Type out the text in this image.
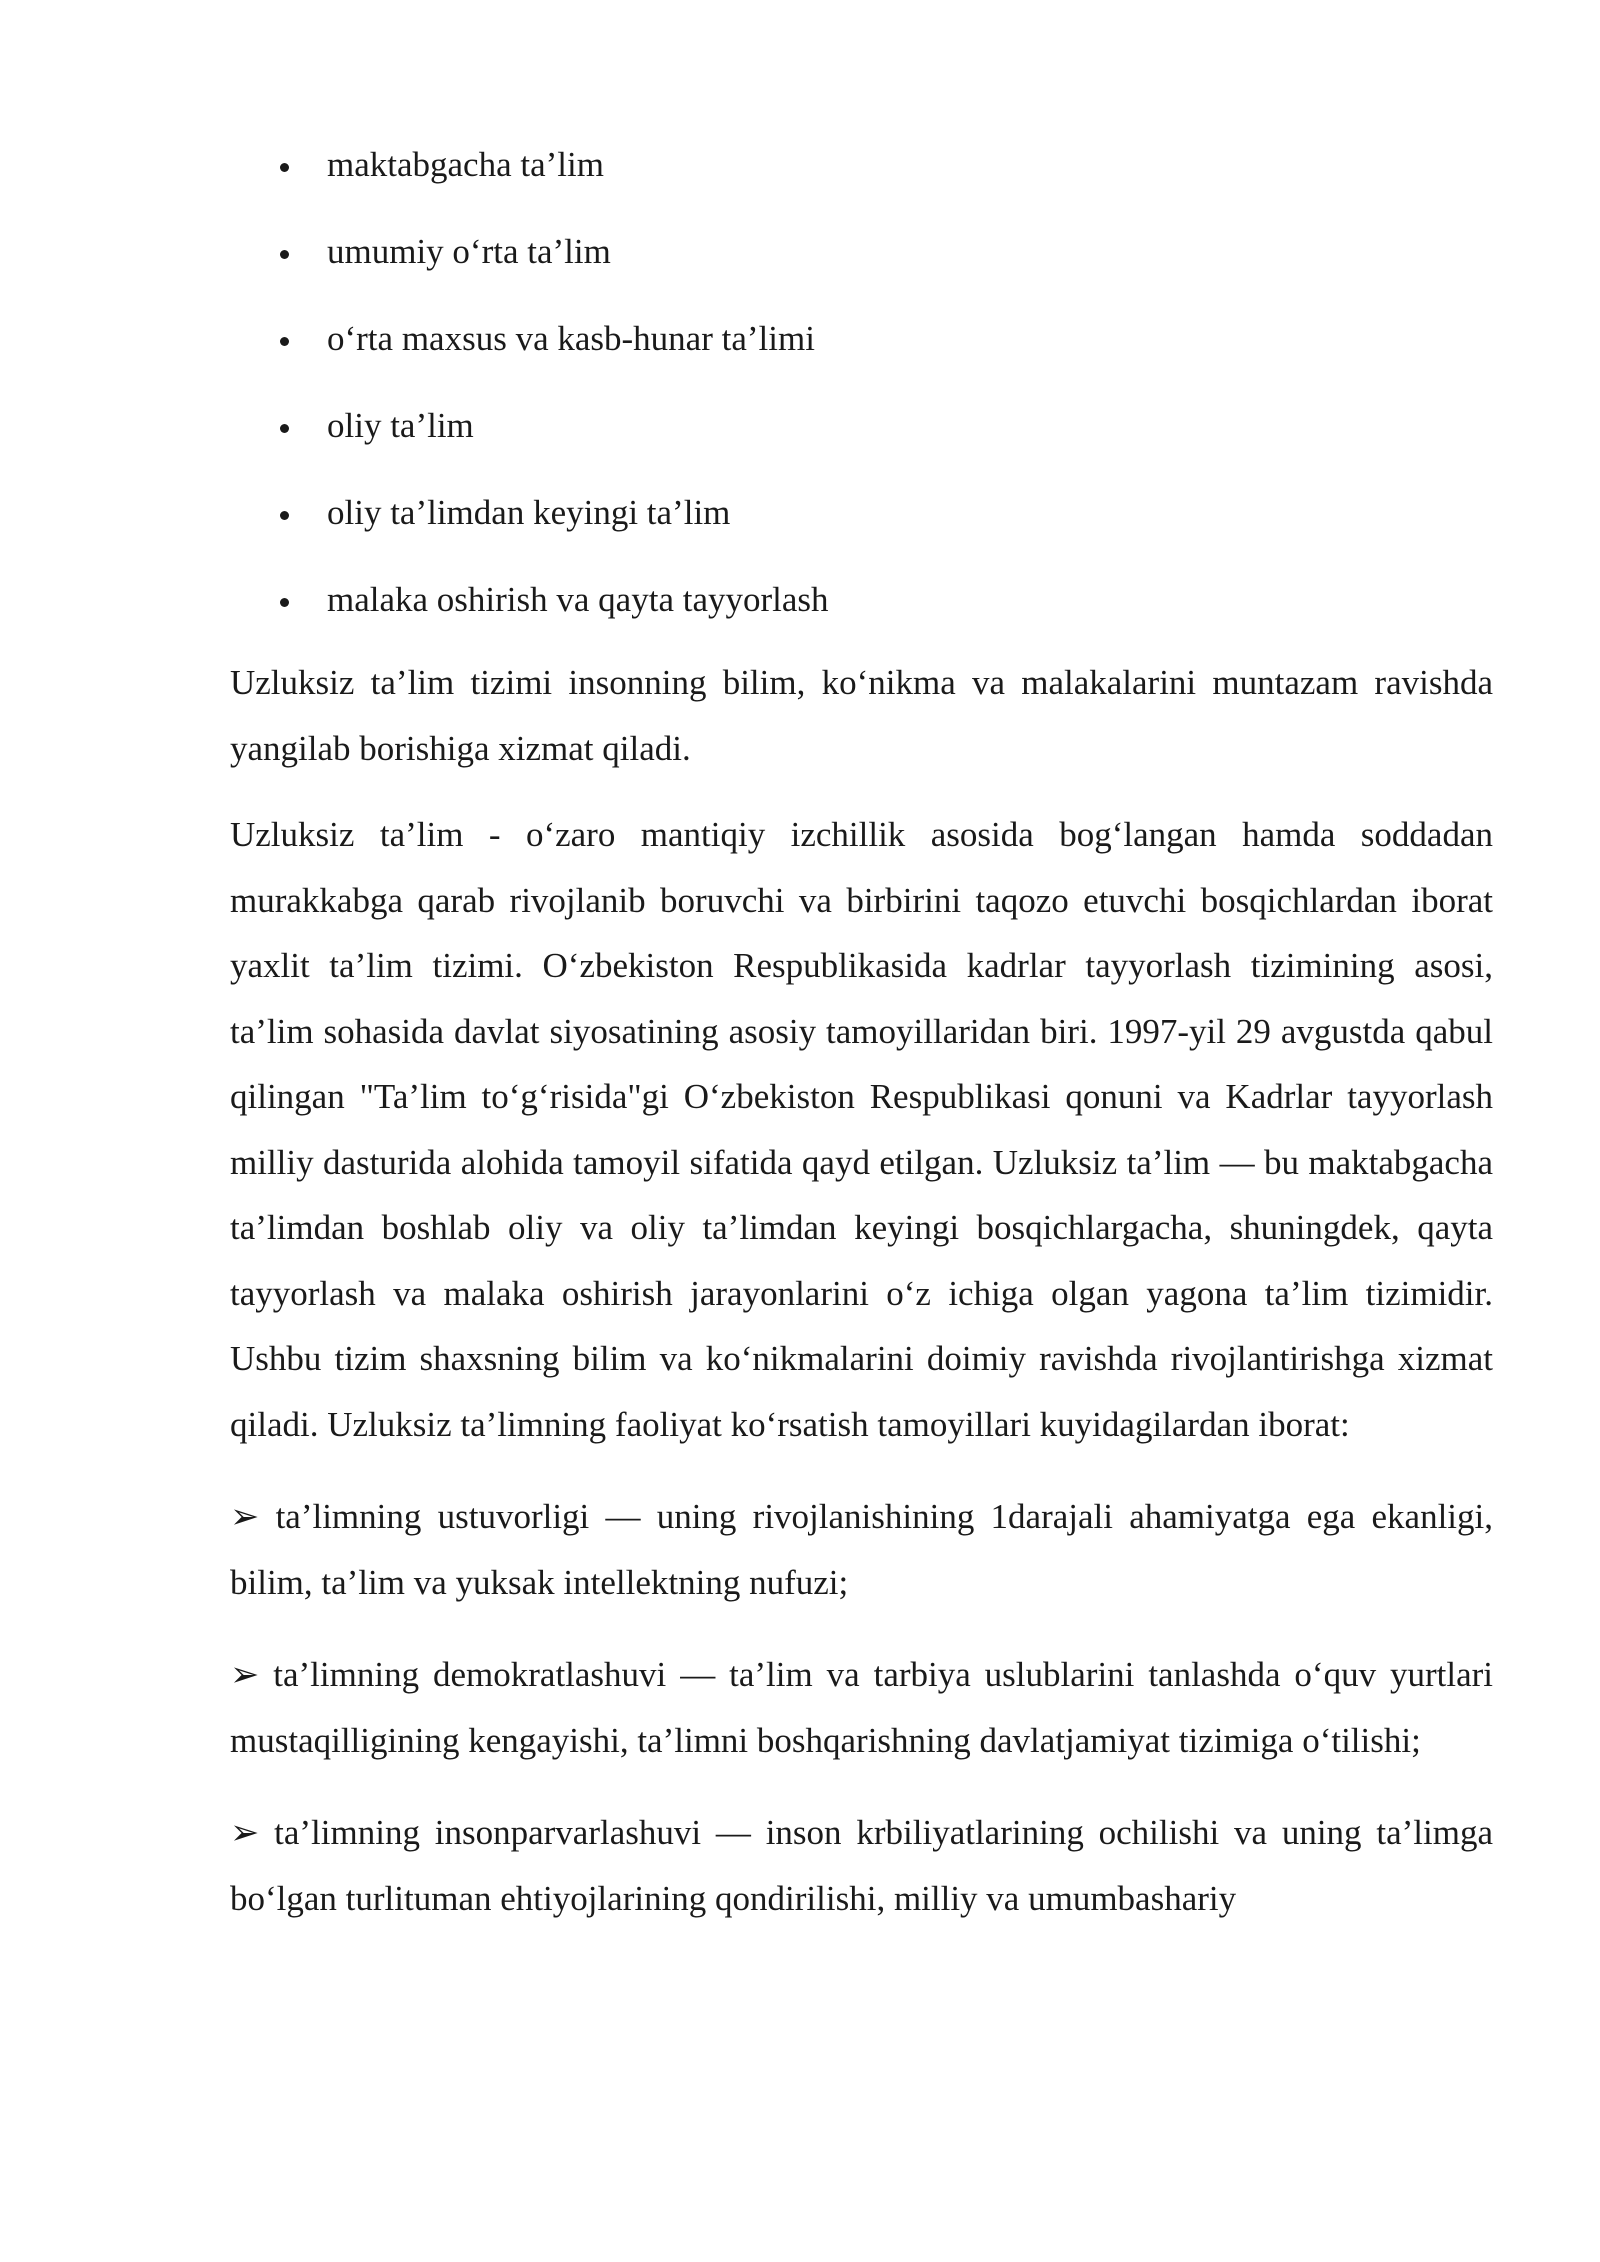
maktabgacha ta’lim
umumiy o‘rta ta’lim
o‘rta maxsus va kasb-hunar ta’limi
oliy ta’lim
oliy ta’limdan keyingi ta’lim
malaka oshirish va qayta tayyorlash

Uzluksiz ta’lim tizimi insonning bilim, ko‘nikma va malakalarini muntazam ravishda yangilab borishiga xizmat qiladi.

Uzluksiz ta’lim - o‘zaro mantiqiy izchillik asosida bog‘langan hamda soddadan murakkabga qarab rivojlanib boruvchi va birbirini taqozo etuvchi bosqichlardan iborat yaxlit ta’lim tizimi. O‘zbekiston Respublikasida kadrlar tayyorlash tizimining asosi, ta’lim sohasida davlat siyosatining asosiy tamoyillaridan biri. 1997-yil 29 avgustda qabul qilingan "Ta’lim to‘g‘risida"gi O‘zbekiston Respublikasi qonuni va Kadrlar tayyorlash milliy dasturida alohida tamoyil sifatida qayd etilgan. Uzluksiz ta’lim — bu maktabgacha ta’limdan boshlab oliy va oliy ta’limdan keyingi bosqichlargacha, shuningdek, qayta tayyorlash va malaka oshirish jarayonlarini o‘z ichiga olgan yagona ta’lim tizimidir. Ushbu tizim shaxsning bilim va ko‘nikmalarini doimiy ravishda rivojlantirishga xizmat qiladi. Uzluksiz ta’limning faoliyat ko‘rsatish tamoyillari kuyidagilardan iborat:

➢ ta’limning ustuvorligi — uning rivojlanishining 1darajali ahamiyatga ega ekanligi, bilim, ta’lim va yuksak intellektning nufuzi;

➢ ta’limning demokratlashuvi — ta’lim va tarbiya uslublarini tanlashda o‘quv yurtlari mustaqilligining kengayishi, ta’limni boshqarishning davlatjamiyat tizimiga o‘tilishi;

➢ ta’limning insonparvarlashuvi — inson krbiliyatlarining ochilishi va uning ta’limga bo‘lgan turlituman ehtiyojlarining qondirilishi, milliy va umumbashariy
